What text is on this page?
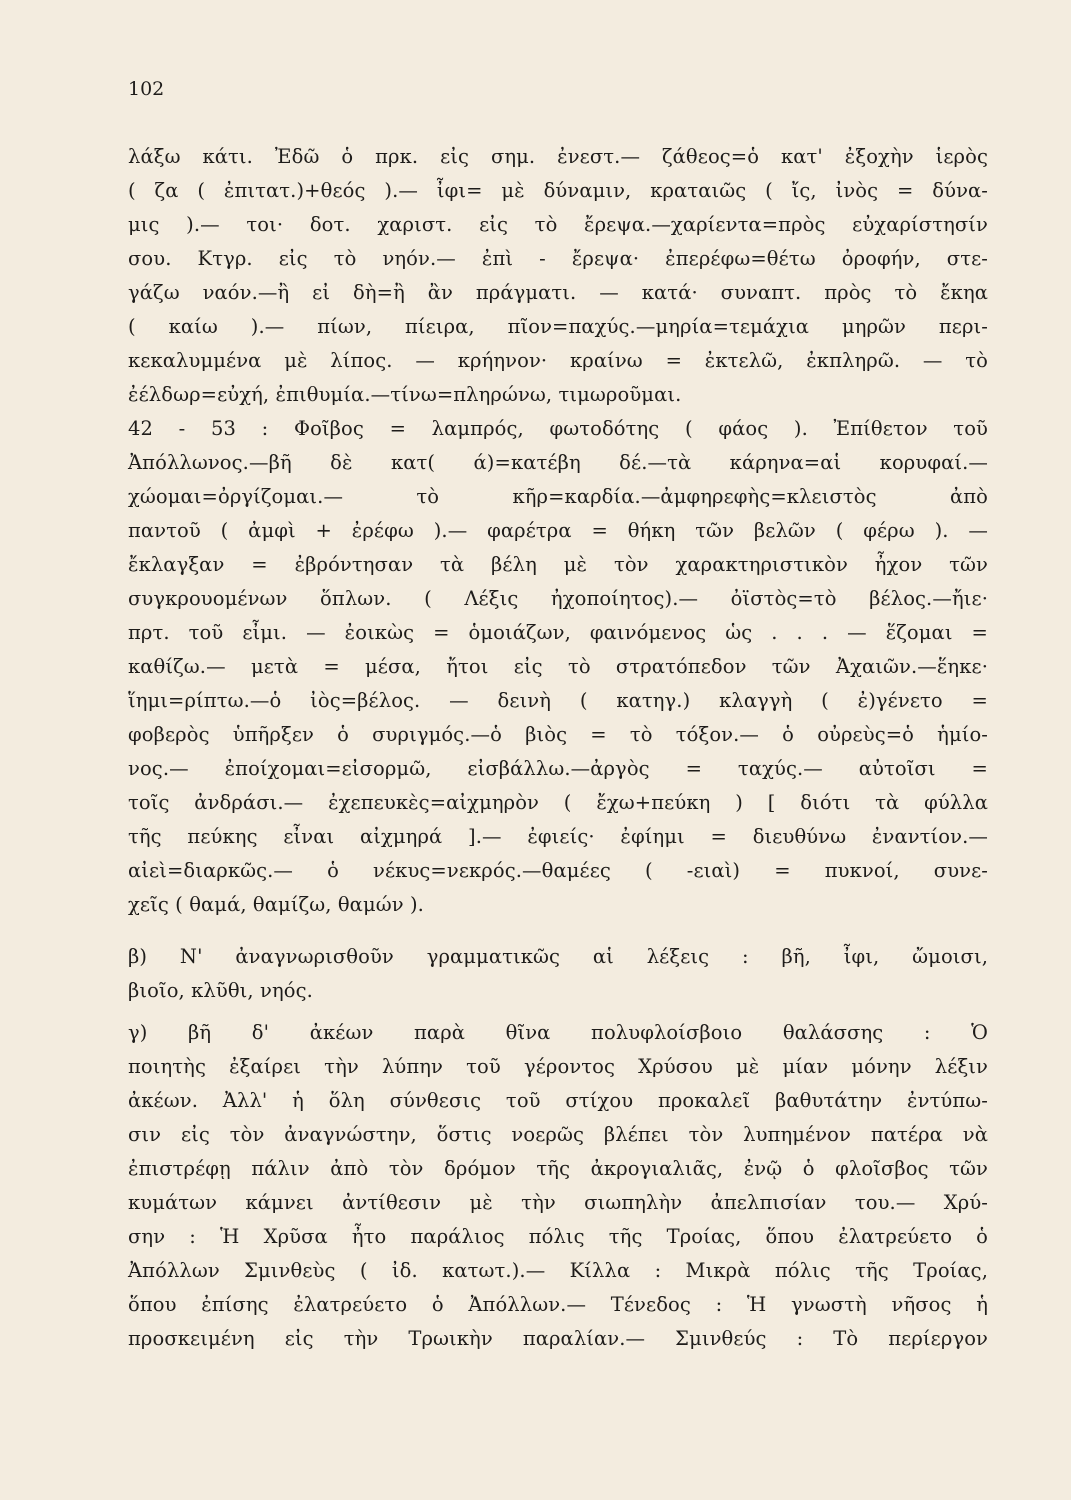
102
λάξω κάτι. Ἐδῶ ὁ πρκ. εἰς σημ. ἐνεστ.— ζάθεος=ὁ κατ' ἐξοχὴν ἱερὸς
( ζα ( ἐπιτατ.)+θεός ).— ἶφι= μὲ δύναμιν, κραταιῶς ( ἴς, ἰνὸς = δύνα-
μις ).— τοι· δοτ. χαριστ. εἰς τὸ ἔρεψα.—χαρίεντα=πρὸς εὐχαρίστησίν
σου. Κτγρ. εἰς τὸ νηόν.— ἐπὶ - ἔρεψα· ἐπερέφω=θέτω ὀροφήν, στε-
γάζω ναόν.—ἢ εἰ δὴ=ἢ ἂν πράγματι. — κατά· συναπτ. πρὸς τὸ ἔκηα
( καίω ).— πίων, πίειρα, πῖον=παχύς.—μηρία=τεμάχια μηρῶν περι-
κεκαλυμμένα μὲ λίπος. — κρήηνον· κραίνω = ἐκτελῶ, ἐκπληρῶ. — τὸ
ἐέλδωρ=εὐχή, ἐπιθυμία.—τίνω=πληρώνω, τιμωροῦμαι.
42 - 53 : Φοῖβος = λαμπρός, φωτοδότης ( φάος ). Ἐπίθετον τοῦ
Ἀπόλλωνος.—βῆ δὲ κατ( ά)=κατέβη δέ.—τὰ κάρηνα=αἱ κορυφαί.—
χώομαι=ὀργίζομαι.— τὸ κῆρ=καρδία.—ἀμφηρεφὴς=κλειστὸς ἀπὸ
παντοῦ ( ἀμφὶ + ἐρέφω ).— φαρέτρα = θήκη τῶν βελῶν ( φέρω ). —
ἔκλαγξαν = ἐβρόντησαν τὰ βέλη μὲ τὸν χαρακτηριστικὸν ἦχον τῶν
συγκρουομένων ὅπλων. ( Λέξις ἠχοποίητος).— ὀϊστὸς=τὸ βέλος.—ἤιε·
πρτ. τοῦ εἶμι. — ἐοικὼς = ὁμοιάζων, φαινόμενος ὡς . . . — ἕζομαι =
καθίζω.— μετὰ = μέσα, ἤτοι εἰς τὸ στρατόπεδον τῶν Ἀχαιῶν.—ἕηκε·
ἵημι=ρίπτω.—ὁ ἰὸς=βέλος. — δεινὴ ( κατηγ.) κλαγγὴ ( ἐ)γένετο =
φοβερὸς ὑπῆρξεν ὁ συριγμός.—ὁ βιὸς = τὸ τόξον.— ὁ οὐρεὺς=ὁ ἡμίο-
νος.— ἐποίχομαι=εἰσορμῶ, εἰσβάλλω.—ἀργὸς = ταχύς.— αὐτοῖσι =
τοῖς ἀνδράσι.— ἐχεπευκὲς=αἰχμηρὸν ( ἔχω+πεύκη ) [ διότι τὰ φύλλα
τῆς πεύκης εἶναι αἰχμηρά ].— ἐφιείς· ἐφίημι = διευθύνω ἐναντίον.—
αἰεὶ=διαρκῶς.— ὁ νέκυς=νεκρός.—θαμέες ( -ειαὶ) = πυκνοί, συνε-
χεῖς ( θαμά, θαμίζω, θαμών ).
β) Ν' ἀναγνωρισθοῦν γραμματικῶς αἱ λέξεις : βῆ, ἶφι, ὤμοισι,
βιοῖο, κλῦθι, νηός.
γ) βῆ δ' ἀκέων παρὰ θῖνα πολυφλοίσβοιο θαλάσσης : Ὁ
ποιητὴς ἐξαίρει τὴν λύπην τοῦ γέροντος Χρύσου μὲ μίαν μόνην λέξιν
ἀκέων. Ἀλλ' ἡ ὅλη σύνθεσις τοῦ στίχου προκαλεῖ βαθυτάτην ἐντύπω-
σιν εἰς τὸν ἀναγνώστην, ὅστις νοερῶς βλέπει τὸν λυπημένον πατέρα νὰ
ἐπιστρέφῃ πάλιν ἀπὸ τὸν δρόμον τῆς ἀκρογιαλιᾶς, ἐνῷ ὁ φλοῖσβος τῶν
κυμάτων κάμνει ἀντίθεσιν μὲ τὴν σιωπηλὴν ἀπελπισίαν του.— Χρύ-
σην : Ἡ Χρῦσα ἦτο παράλιος πόλις τῆς Τροίας, ὅπου ἐλατρεύετο ὁ
Ἀπόλλων Σμινθεὺς ( ἰδ. κατωτ.).— Κίλλα : Μικρὰ πόλις τῆς Τροίας,
ὅπου ἐπίσης ἐλατρεύετο ὁ Ἀπόλλων.— Τένεδος : Ἡ γνωστὴ νῆσος ἡ
προσκειμένη εἰς τὴν Τρωικὴν παραλίαν.— Σμινθεύς : Τὸ περίεργον
